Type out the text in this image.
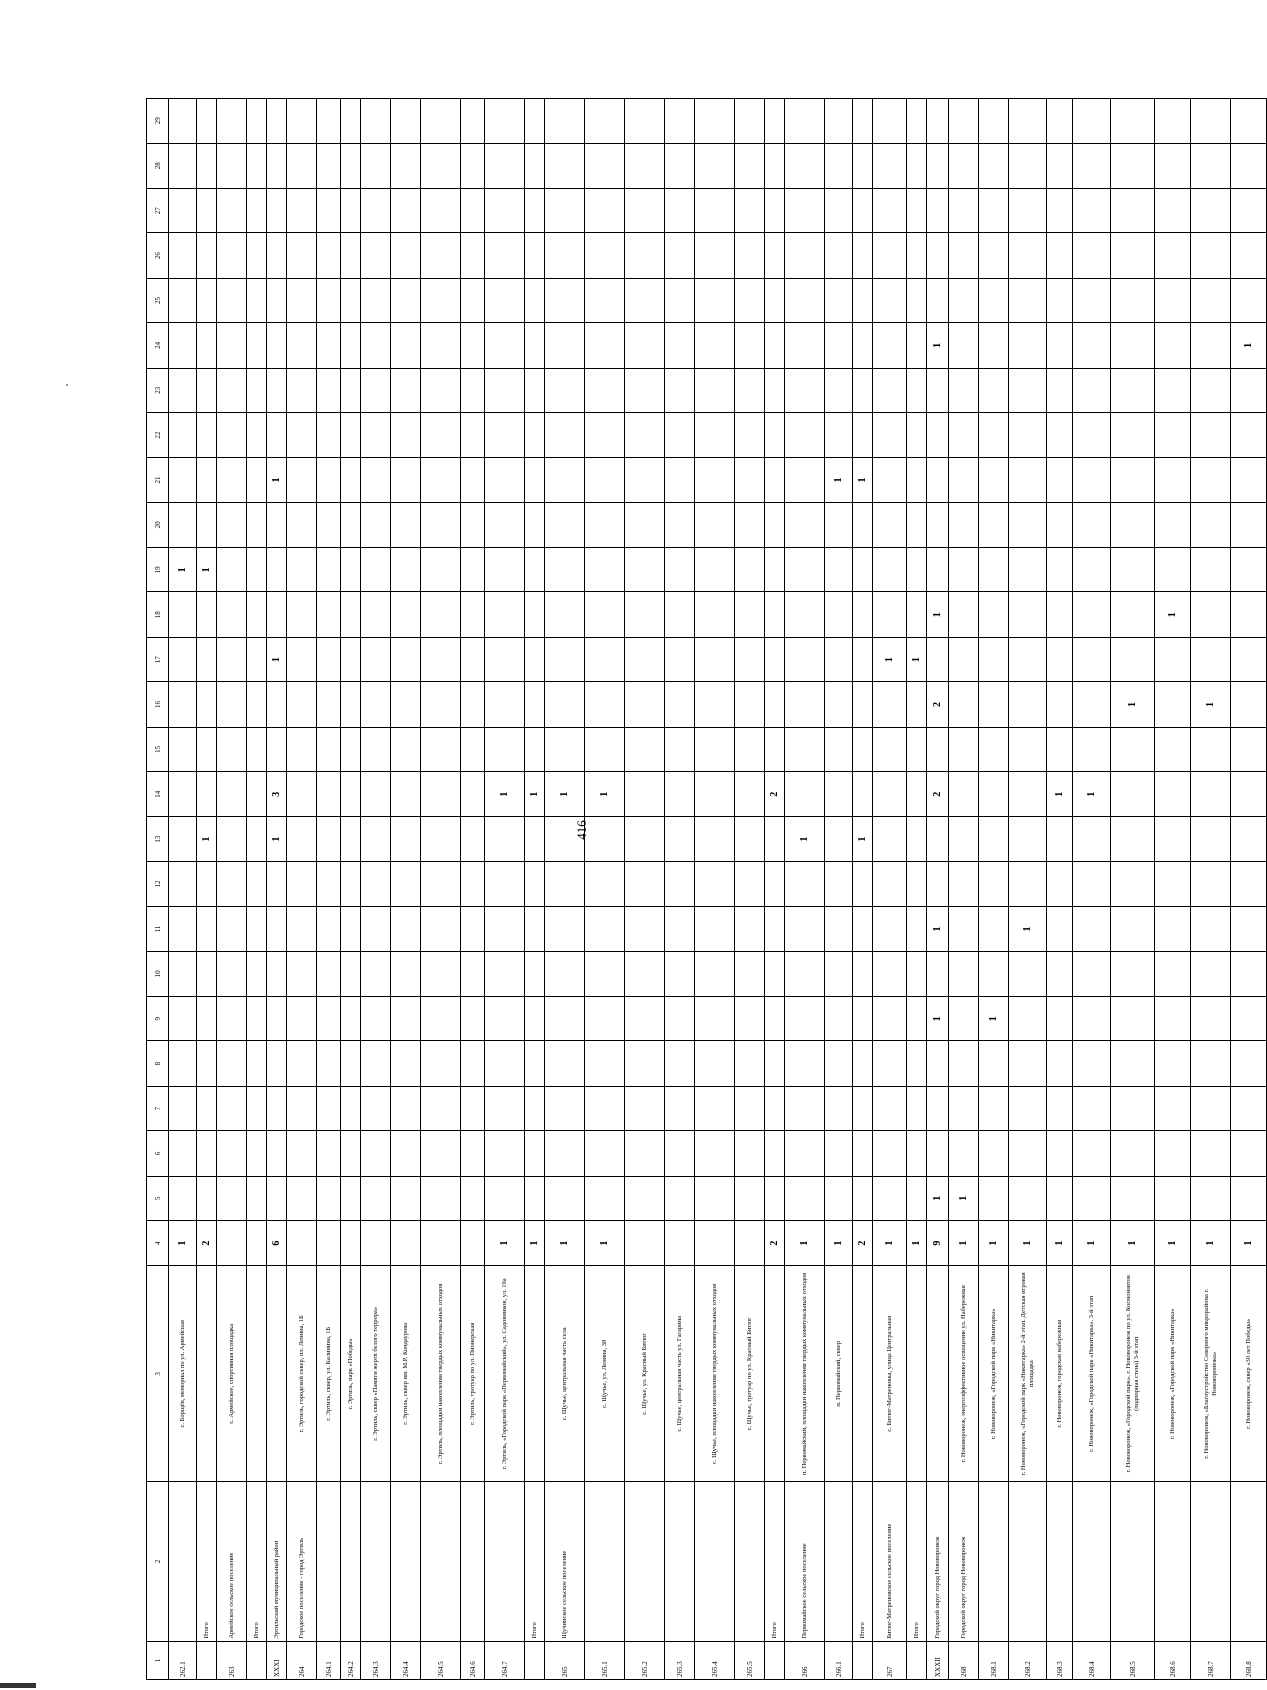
416
1	2	3	4	5	6	7	8	9	10	11	12	13	14	15	16	17	18	19	20	21	22	23	24	25	26	27	28	29
262.1		с. Борщёв, мемориал по ул. Армейская	1															1										
	Итого		2									1						1										
263	Армейское сельское поселение	с. Армейское, спортивная площадка																										
	Итого																											
XXXI	Эртильский муниципальный район		6									1	3			1				1								
264	Городское поселение - город Эртиль	г. Эртиль, городской сквер, пл. Ленина, 1Б																										
264.1		г. Эртиль, сквер, ул. Калинина, 1Б																										
264.2		г. Эртиль, парк «Победы»																										
264.3		г. Эртиль, сквер «Памяти жертв белого террора»																										
264.4		г. Эртиль, сквер им. М.Р. Кондаурова																										
264.5		г. Эртиль, площадки накопления твердых коммунальных отходов																										
264.6		г. Эртиль, тротуар по ул. Пионерская																										
264.7		г. Эртиль, «Городской парк «Первомайский», ул. Садовников, ул. 19а	1										1															
	Итого		1										1															
265	Щучинское сельское поселение	с. Щучье, центральная часть села	1										1															
265.1		с. Щучье, ул. Ленина, 38	1										1															
265.2		с. Щучье, ул. Красный Битюг																										
265.3		с. Щучье, центральная часть ул. Гагарина																										
265.4		с. Щучье, площадки накопления твердых коммунальных отходов																										
265.5		с. Щучье, тротуар по ул. Красный Битюг																										
	Итого		2										2															
266	Первомайское сельское поселение	п. Первомайский, площадки накопления твердых коммунальных отходов	1									1																
266.1		п. Первомайский, сквер	1																	1								
	Итого		2									1								1								
267	Битюг-Матреновское сельское поселение	с. Битюг-Матреновка, улица Центральная	1													1												
	Итого		1													1												
XXXII	Городской округ город Нововоронеж		9	1				1		1			2		2		1						1					
268	Городской округ город Нововоронеж	г. Нововоронеж, энергоэффективное освещение ул. Набережная	1	1																								
268.1		г. Нововоронеж, «Городской парк «Никитарка»	1					1																				
268.2		г. Нововоронеж, «Городской парк «Никитарка» 2-й этап. Детская игровая площадка	1							1																		
268.3		г. Нововоронеж, городская набережная	1										1															
268.4		г. Нововоронеж, «Городской парк «Никитарка». 3-й этап	1										1															
268.5		г. Нововоронеж, «Городской парк». г. Нововоронеж по ул. Космонавтов (подпорная стена) 3-й этап	1												1													
268.6		г. Нововоронеж, «Городской парк «Никитарка»	1														1											
268.7		г. Нововоронеж, «Благоустройство Северного микрорайона г. Нововоронежа»	1												1													
268.8		г. Нововоронеж, сквер «30 лет Победы»	1																				1					
